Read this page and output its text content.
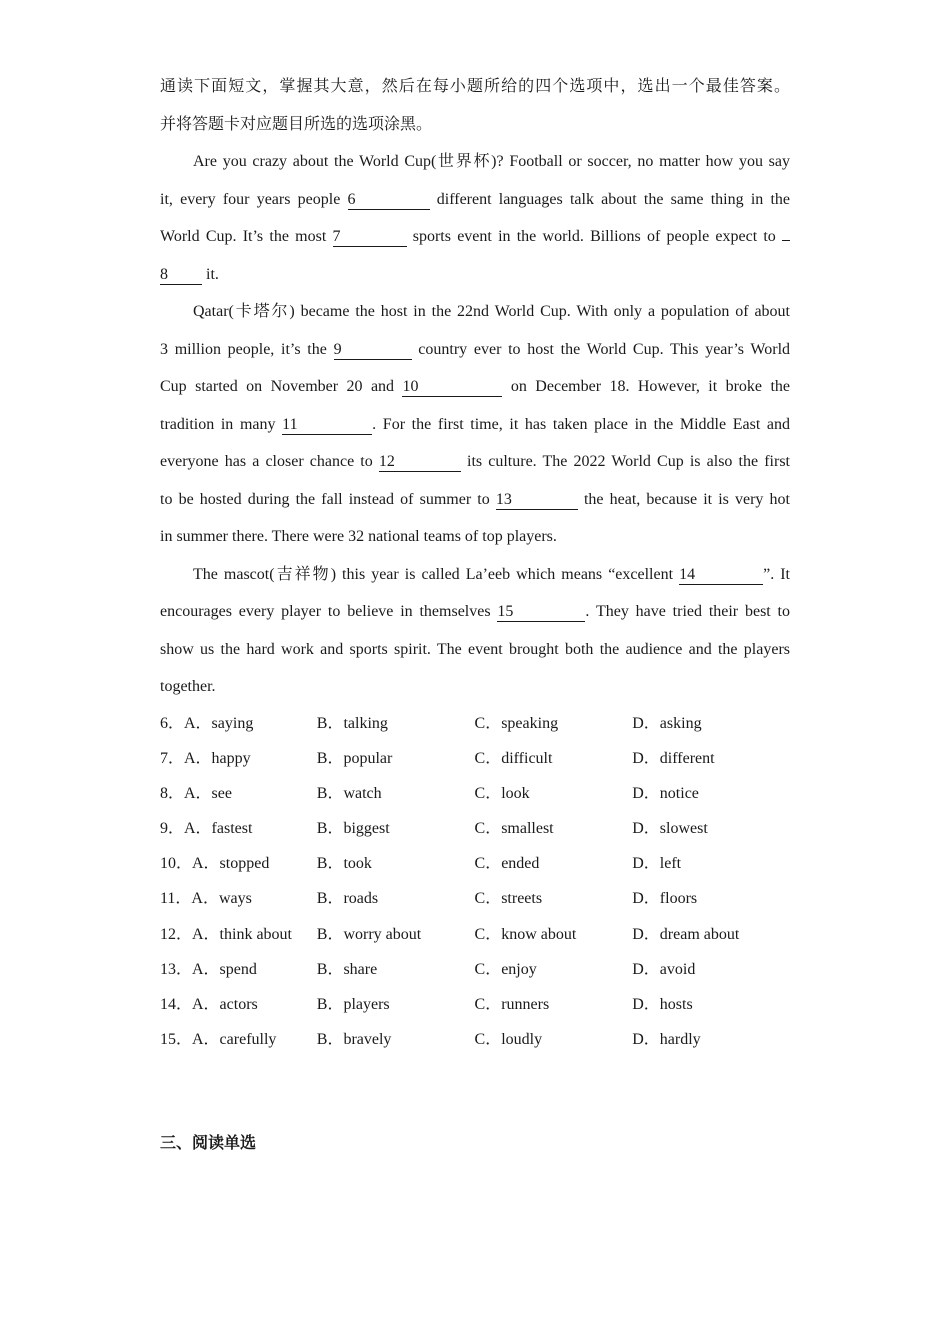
通读下面短文，掌握其大意，然后在每小题所给的四个选项中，选出一个最佳答案。
并将答题卡对应题目所选的选项涂黑。
Are you crazy about the World Cup(世界杯)? Football or soccer, no matter how you say
it, every four years people 6	different languages talk about the same thing in the
World Cup. It’s the most 7	sports event in the world. Billions of people expect to
8 it.
Qatar(卡塔尔) became the host in the 22nd World Cup. With only a population of about
3 million people, it’s the 9	country ever to host the World Cup. This year’s World
Cup started on November 20 and 10	on December 18. However, it broke the
tradition in many 11	. For the first time, it has taken place in the Middle East and
everyone has a closer chance to 12	its culture. The 2022 World Cup is also the first
to be hosted during the fall instead of summer to 13	the heat, because it is very hot
in summer there. There were 32 national teams of top players.
The mascot(吉祥物) this year is called La’eeb which means “excellent 14	”. It
encourages every player to believe in themselves 15	. They have tried their best to
show us the hard work and sports spirit. The event brought both the audience and the players
together.
6．A．saying	B．talking	C．speaking	D．asking
7．A．happy	B．popular	C．difficult	D．different
8．A．see	B．watch	C．look	D．notice
9．A．fastest	B．biggest	C．smallest	D．slowest
10．A．stopped	B．took	C．ended	D．left
11．A．ways	B．roads	C．streets	D．floors
12．A．think about	B．worry about	C．know about	D．dream about
13．A．spend	B．share	C．enjoy	D．avoid
14．A．actors	B．players	C．runners	D．hosts
15．A．carefully	B．bravely	C．loudly	D．hardly
三、阅读单选
